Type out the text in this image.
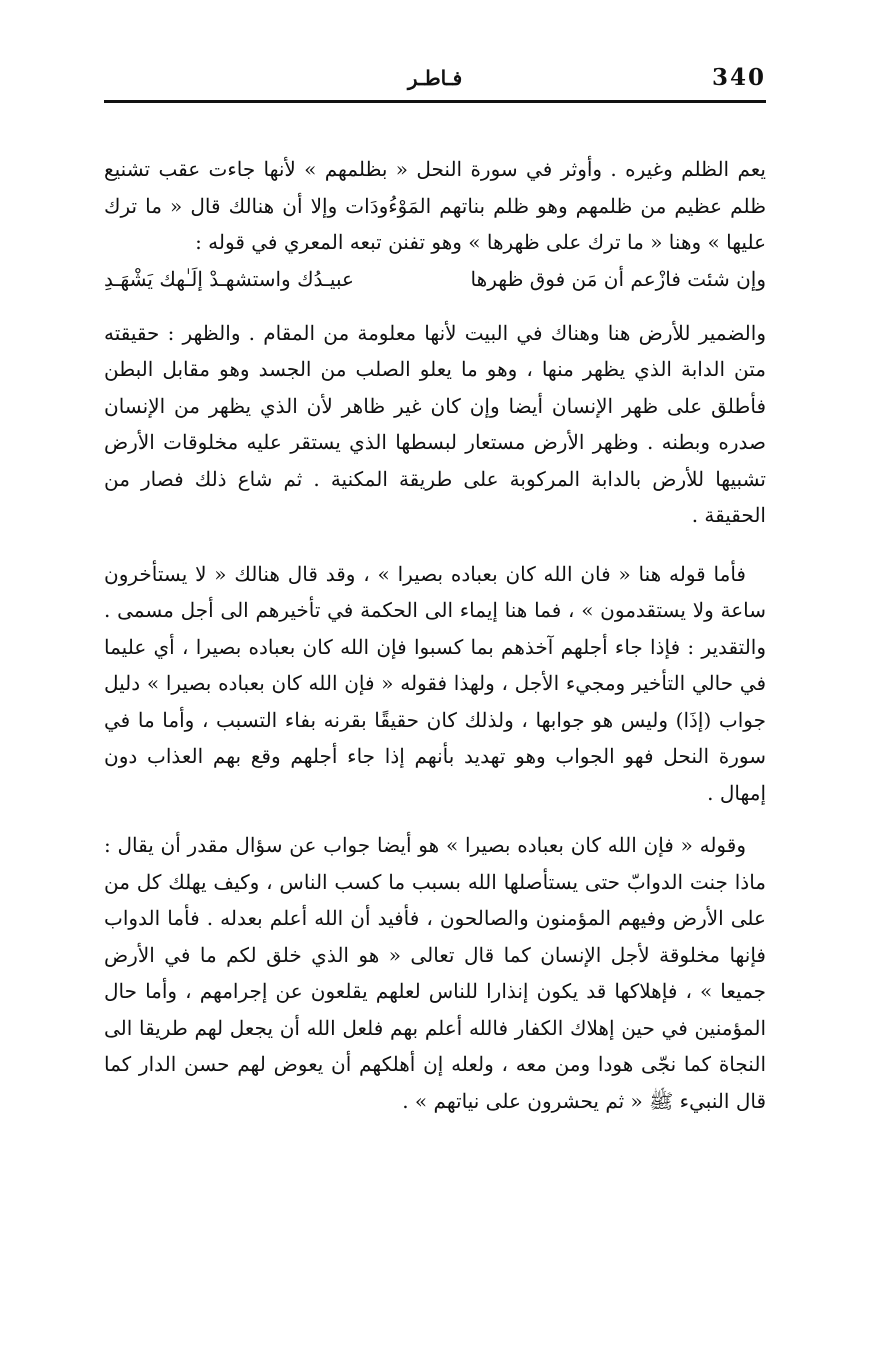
340
فـاطـر

يعم الظلم وغيره . وأوثر في سورة النحل « بظلمهم » لأنها جاءت عقب تشنيع ظلم عظيم من ظلمهم وهو ظلم بناتهم المَوْءُودَات وإلا أن هنالك قال « ما ترك عليها » وهنا « ما ترك على ظهرها » وهو تفنن تبعه المعري في قوله :

وإن شئت فازْعم أن مَن فوق ظهرها
عبيـدُك واستشهـدْ إلَـٰهك يَشْهَـدِ

والضمير للأرض هنا وهناك في البيت لأنها معلومة من المقام . والظهر : حقيقته متن الدابة الذي يظهر منها ، وهو ما يعلو الصلب من الجسد وهو مقابل البطن فأطلق على ظهر الإنسان أيضا وإن كان غير ظاهر لأن الذي يظهر من الإنسان صدره وبطنه . وظهر الأرض مستعار لبسطها الذي يستقر عليه مخلوقات الأرض تشبيها للأرض بالدابة المركوبة على طريقة المكنية . ثم شاع ذلك فصار من الحقيقة .

فأما قوله هنا « فان الله كان بعباده بصيرا » ، وقد قال هنالك « لا يستأخرون ساعة ولا يستقدمون » ، فما هنا إيماء الى الحكمة في تأخيرهم الى أجل مسمى . والتقدير : فإذا جاء أجلهم آخذهم بما كسبوا فإن الله كان بعباده بصيرا ، أي عليما في حالي التأخير ومجيء الأجل ، ولهذا فقوله « فإن الله كان بعباده بصيرا » دليل جواب (إذَا) وليس هو جوابها ، ولذلك كان حقيقًا بقرنه بفاء التسبب ، وأما ما في سورة النحل فهو الجواب وهو تهديد بأنهم إذا جاء أجلهم وقع بهم العذاب دون إمهال .

وقوله « فإن الله كان بعباده بصيرا » هو أيضا جواب عن سؤال مقدر أن يقال : ماذا جنت الدوابّ حتى يستأصلها الله بسبب ما كسب الناس ، وكيف يهلك كل من على الأرض وفيهم المؤمنون والصالحون ، فأفيد أن الله أعلم بعدله . فأما الدواب فإنها مخلوقة لأجل الإنسان كما قال تعالى « هو الذي خلق لكم ما في الأرض جميعا » ، فإهلاكها قد يكون إنذارا للناس لعلهم يقلعون عن إجرامهم ، وأما حال المؤمنين في حين إهلاك الكفار فالله أعلم بهم فلعل الله أن يجعل لهم طريقا الى النجاة كما نجّى هودا ومن معه ، ولعله إن أهلكهم أن يعوض لهم حسن الدار كما قال النبيء ﷺ « ثم يحشرون على نياتهم » .
